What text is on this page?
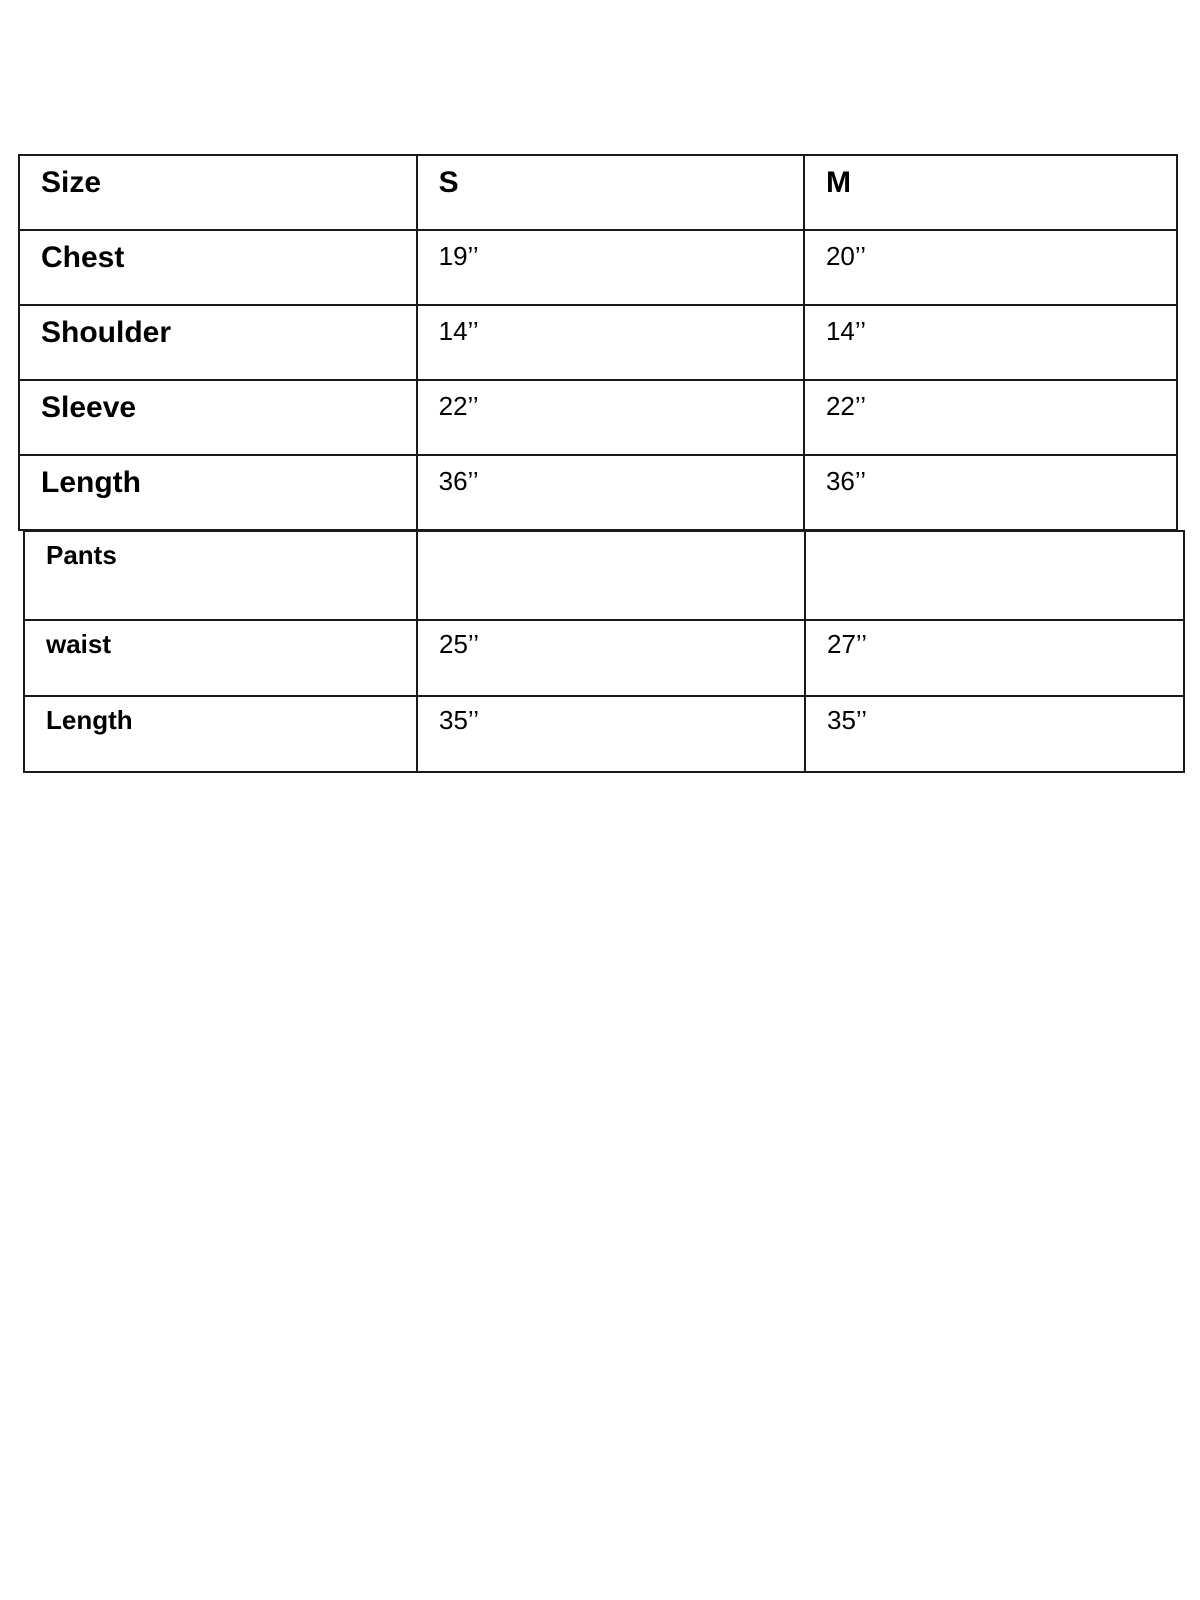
Size	S	M
Chest	19’’	20’’
Shoulder	14’’	14’’
Sleeve	22’’	22’’
Length	36’’	36’’
Pants		
waist	25’’	27’’
Length	35’’	35’’
